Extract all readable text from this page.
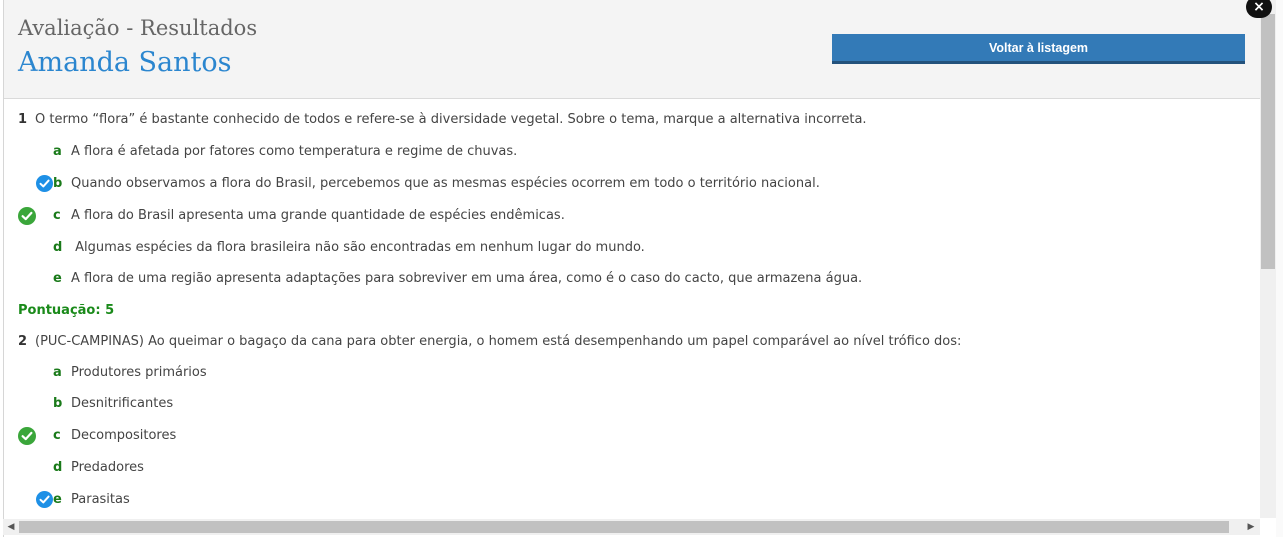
Avaliação - Resultados
Amanda Santos	Voltar à listagem
1 O termo “flora” é bastante conhecido de todos e refere-se à diversidade vegetal. Sobre o tema, marque a alternativa incorreta.
a A flora é afetada por fatores como temperatura e regime de chuvas.
b Quando observamos a flora do Brasil, percebemos que as mesmas espécies ocorrem em todo o território nacional.
c A flora do Brasil apresenta uma grande quantidade de espécies endêmicas.
d Algumas espécies da flora brasileira não são encontradas em nenhum lugar do mundo.
e A flora de uma região apresenta adaptações para sobreviver em uma área, como é o caso do cacto, que armazena água.
Pontuação: 5
2 (PUC-CAMPINAS) Ao queimar o bagaço da cana para obter energia, o homem está desempenhando um papel comparável ao nível trófico dos:
a Produtores primários
b Desnitrificantes
c Decompositores
d Predadores
e Parasitas
◀	▶
×
